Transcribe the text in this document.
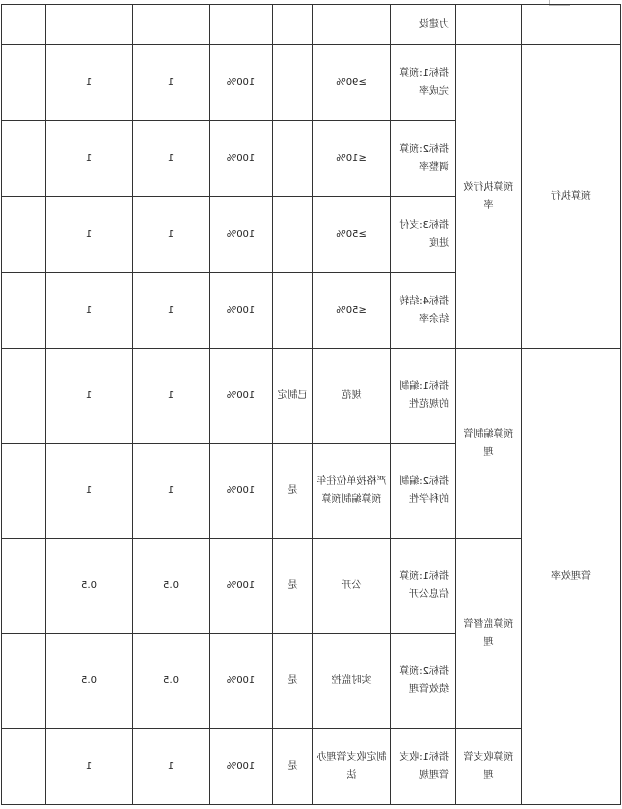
		力建设						
预算执行	预算执行效率	指标1:预算完成率	≥90%		100%	1	1	
		指标2:预算调整率	≤10%		100%	1	1	
		指标3:支付进度	≥50%		100%	1	1	
		指标4:结转结余率	≤50%		100%	1	1	
管理效率	预算编制管理	指标1:编制的规范性	规范	已制定	100%	1	1	
		指标2:编制的科学性	严格按单位往年预算编制预算	是	100%	1	1	
	预算监督管理	指标1:预算信息公开	公开	是	100%	0.5	0.5	
		指标2:预算绩效管理	实时监控	是	100%	0.5	0.5	
	预算收支管理	指标1:收支管理规	制定收支管理办法	是	100%	1	1	
